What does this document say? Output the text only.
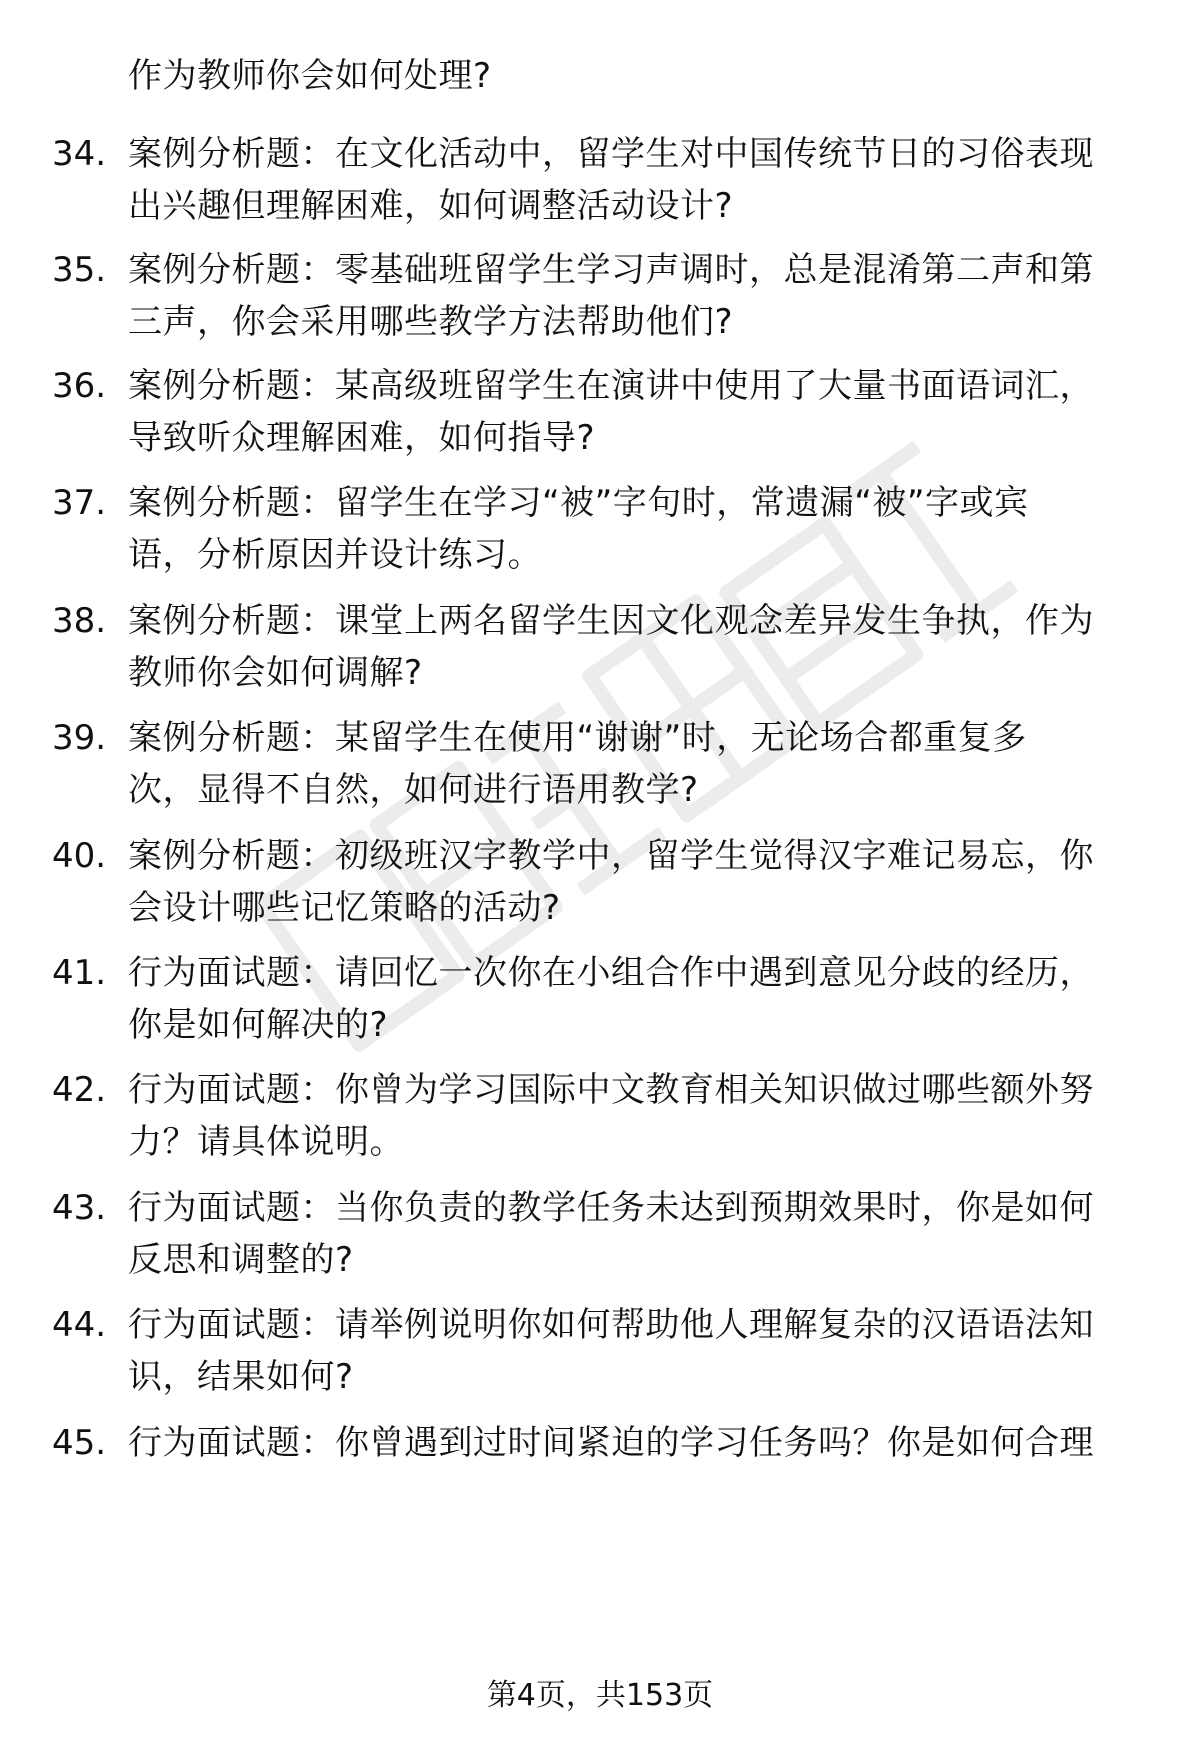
作为教师你会如何处理?
34. 案例分析题：在文化活动中，留学生对中国传统节日的习俗表现
出兴趣但理解困难，如何调整活动设计?
35. 案例分析题：零基础班留学生学习声调时，总是混淆第二声和第
三声，你会采用哪些教学方法帮助他们?
36. 案例分析题：某高级班留学生在演讲中使用了大量书面语词汇，
导致听众理解困难，如何指导?
37. 案例分析题：留学生在学习“被”字句时，常遗漏“被”字或宾
语，分析原因并设计练习。
38. 案例分析题：课堂上两名留学生因文化观念差异发生争执，作为
教师你会如何调解?
39. 案例分析题：某留学生在使用“谢谢”时，无论场合都重复多
次，显得不自然，如何进行语用教学?
40. 案例分析题：初级班汉字教学中，留学生觉得汉字难记易忘，你
会设计哪些记忆策略的活动?
41. 行为面试题：请回忆一次你在小组合作中遇到意见分歧的经历，
你是如何解决的?
42. 行为面试题：你曾为学习国际中文教育相关知识做过哪些额外努
力？请具体说明。
43. 行为面试题：当你负责的教学任务未达到预期效果时，你是如何
反思和调整的?
44. 行为面试题：请举例说明你如何帮助他人理解复杂的汉语语法知
识，结果如何?
45. 行为面试题：你曾遇到过时间紧迫的学习任务吗？你是如何合理
第4页，共153页
